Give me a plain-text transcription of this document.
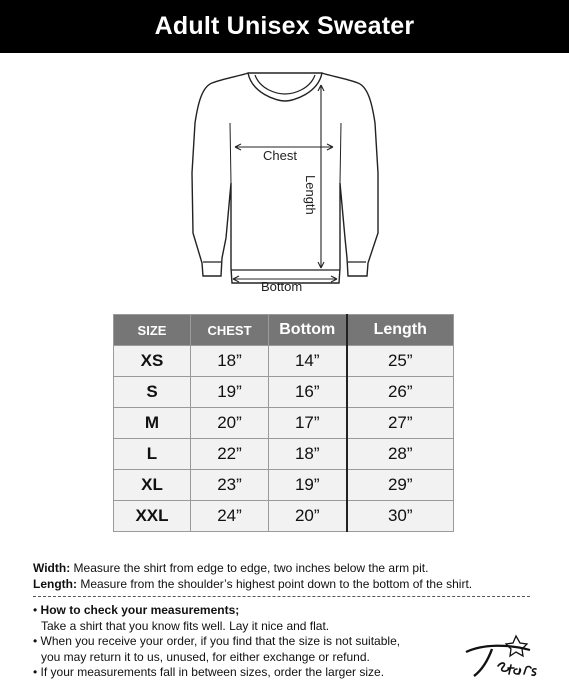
Adult Unisex Sweater
Chest
Length
Bottom
SIZE	CHEST	Bottom	Length
XS	18”	14”	25”
S	19”	16”	26”
M	20”	17”	27”
L	22”	18”	28”
XL	23”	19”	29”
XXL	24”	20”	30”

Width: Measure the shirt from edge to edge, two inches below the arm pit.

Length: Measure from the shoulder’s highest point down to the bottom of the shirt.

• How to check your measurements;
Take a shirt that you know fits well. Lay it nice and flat.
• When you receive your order, if you find that the size is not suitable,
you may return it to us, unused, for either exchange or refund.
• If your measurements fall in between sizes, order the larger size.
